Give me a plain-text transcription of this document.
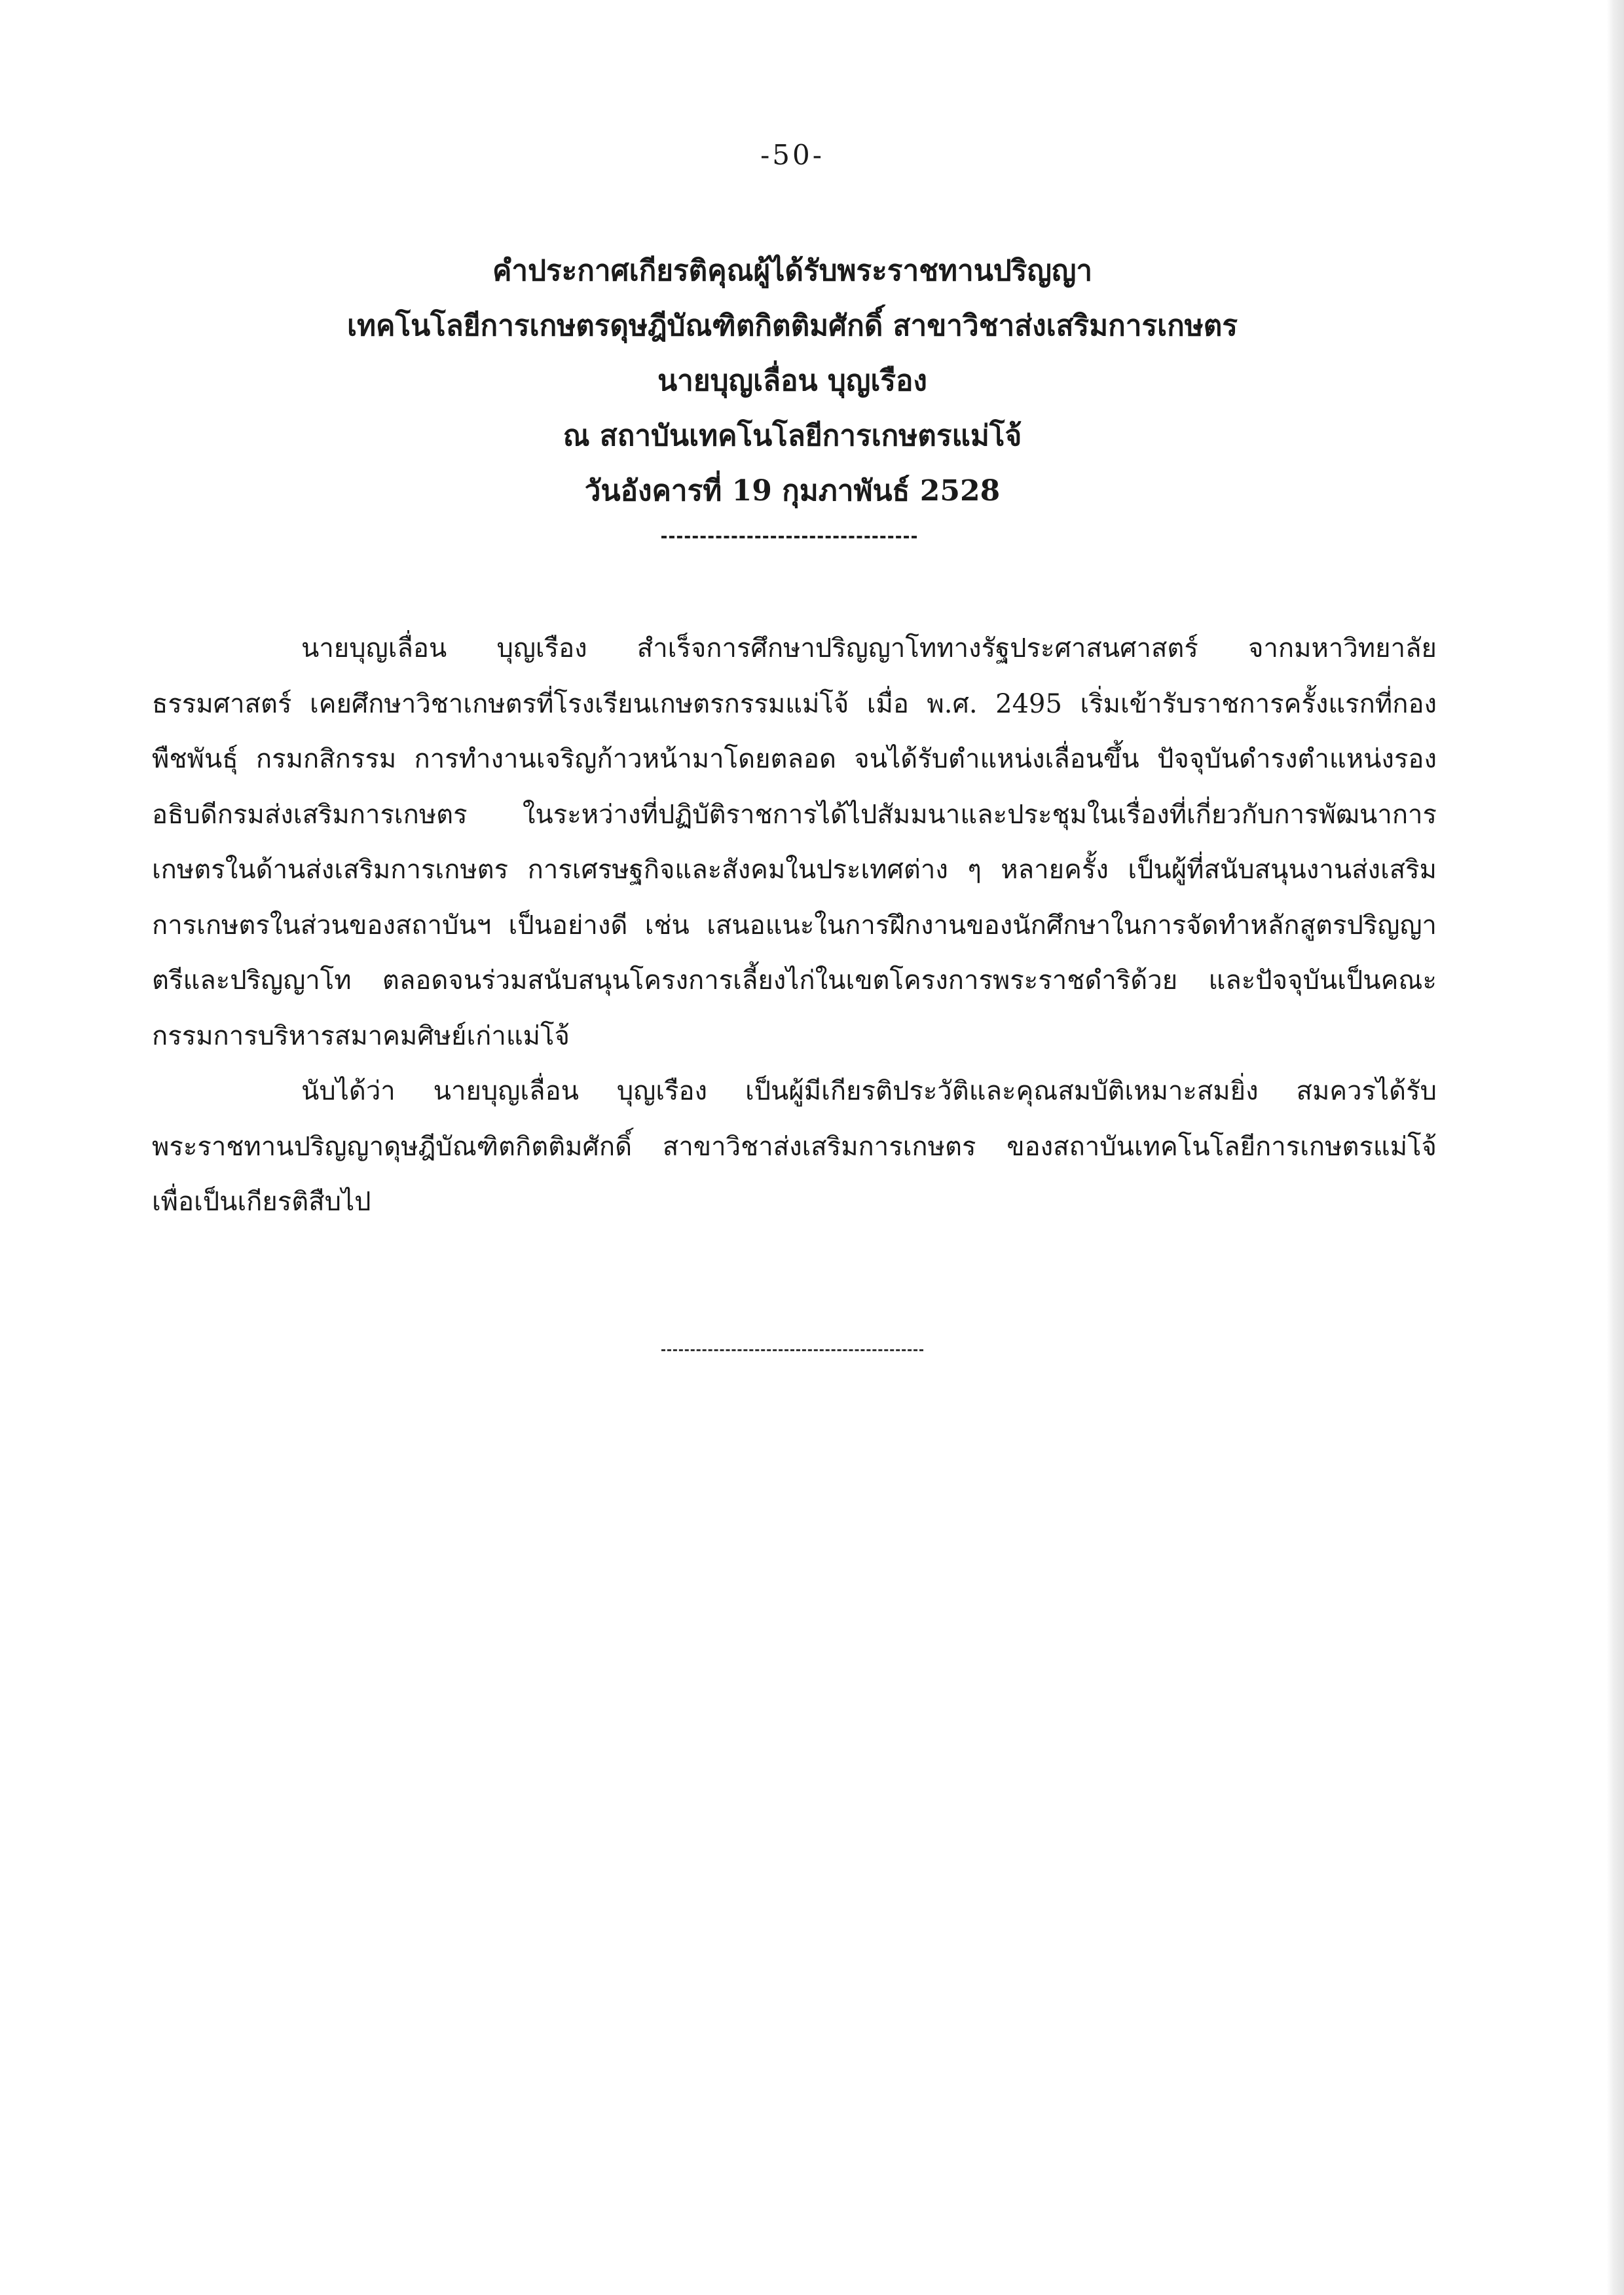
-50-
คำประกาศเกียรติคุณผู้ได้รับพระราชทานปริญญา
เทคโนโลยีการเกษตรดุษฎีบัณฑิตกิตติมศักดิ์ สาขาวิชาส่งเสริมการเกษตร
นายบุญเลื่อน บุญเรือง
ณ สถาบันเทคโนโลยีการเกษตรแม่โจ้
วันอังคารที่ 19 กุมภาพันธ์ 2528

นายบุญเลื่อน บุญเรือง สำเร็จการศึกษาปริญญาโททางรัฐประศาสนศาสตร์ จากมหาวิทยาลัยธรรมศาสตร์ เคยศึกษาวิชาเกษตรที่โรงเรียนเกษตรกรรมแม่โจ้ เมื่อ พ.ศ. 2495 เริ่มเข้ารับราชการครั้งแรกที่กองพืชพันธุ์ กรมกสิกรรม การทำงานเจริญก้าวหน้ามาโดยตลอด จนได้รับตำแหน่งเลื่อนขึ้น ปัจจุบันดำรงตำแหน่งรองอธิบดีกรมส่งเสริมการเกษตร ในระหว่างที่ปฏิบัติราชการได้ไปสัมมนาและประชุมในเรื่องที่เกี่ยวกับการพัฒนาการเกษตรในด้านส่งเสริมการเกษตร การเศรษฐกิจและสังคมในประเทศต่าง ๆ หลายครั้ง เป็นผู้ที่สนับสนุนงานส่งเสริมการเกษตรในส่วนของสถาบันฯ เป็นอย่างดี เช่น เสนอแนะในการฝึกงานของนักศึกษาในการจัดทำหลักสูตรปริญญาตรีและปริญญาโท ตลอดจนร่วมสนับสนุนโครงการเลี้ยงไก่ในเขตโครงการพระราชดำริด้วย และปัจจุบันเป็นคณะกรรมการบริหารสมาคมศิษย์เก่าแม่โจ้

นับได้ว่า นายบุญเลื่อน บุญเรือง เป็นผู้มีเกียรติประวัติและคุณสมบัติเหมาะสมยิ่ง สมควรได้รับพระราชทานปริญญาดุษฎีบัณฑิตกิตติมศักดิ์ สาขาวิชาส่งเสริมการเกษตร ของสถาบันเทคโนโลยีการเกษตรแม่โจ้ เพื่อเป็นเกียรติสืบไป
